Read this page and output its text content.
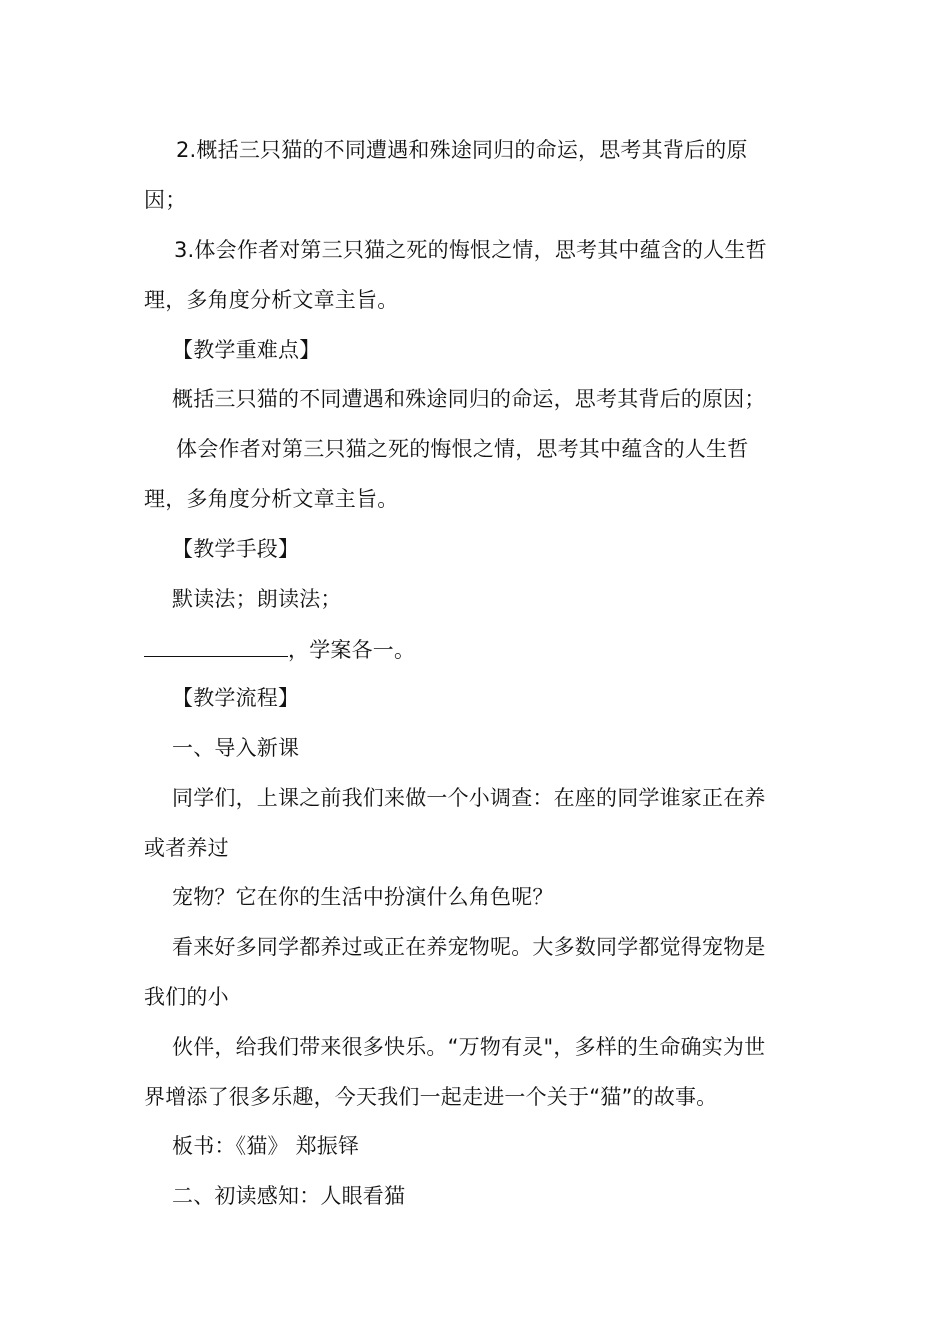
2.概括三只猫的不同遭遇和殊途同归的命运，思考其背后的原
因；
3.体会作者对第三只猫之死的悔恨之情，思考其中蕴含的人生哲
理，多角度分析文章主旨。
【教学重难点】
概括三只猫的不同遭遇和殊途同归的命运，思考其背后的原因；
体会作者对第三只猫之死的悔恨之情，思考其中蕴含的人生哲
理，多角度分析文章主旨。
【教学手段】
默读法；朗读法；
，学案各一。
【教学流程】
一、导入新课
同学们，上课之前我们来做一个小调查：在座的同学谁家正在养
或者养过
宠物？它在你的生活中扮演什么角色呢？
看来好多同学都养过或正在养宠物呢。大多数同学都觉得宠物是
我们的小
伙伴，给我们带来很多快乐。“万物有灵"，多样的生命确实为世
界增添了很多乐趣，今天我们一起走进一个关于“猫”的故事。
板书：《猫》 郑振铎
二、初读感知：人眼看猫
